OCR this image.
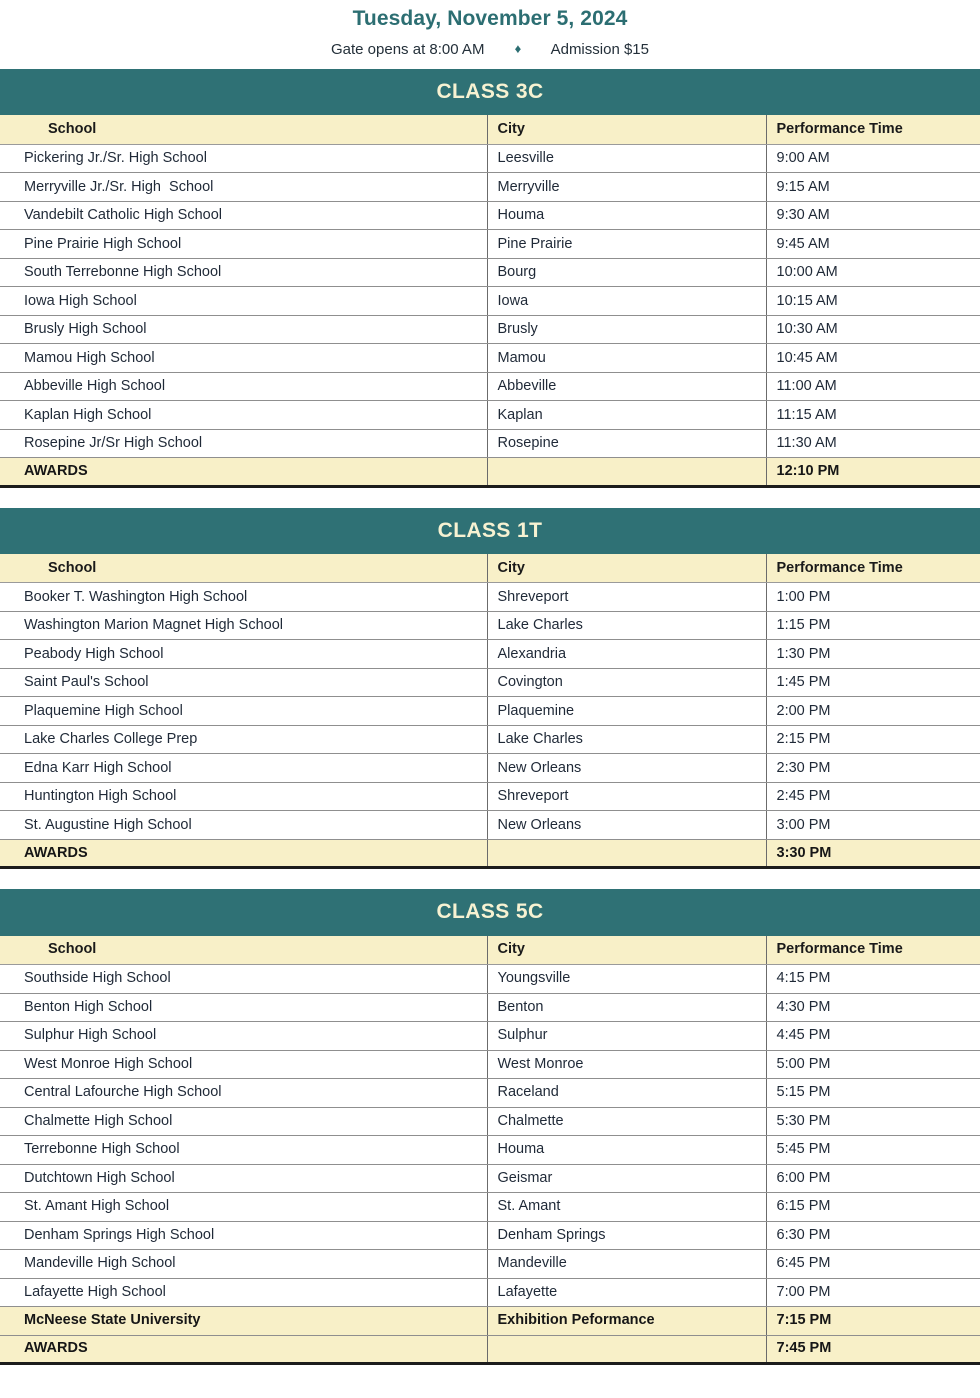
Tuesday, November 5, 2024
Gate opens at 8:00 AM ♦ Admission $15
CLASS 3C
School	City	Performance Time

Pickering Jr./Sr. High School	Leesville	9:00 AM

Merryville Jr./Sr. High  School	Merryville	9:15 AM

Vandebilt Catholic High School	Houma	9:30 AM

Pine Prairie High School	Pine Prairie	9:45 AM

South Terrebonne High School	Bourg	10:00 AM

Iowa High School	Iowa	10:15 AM

Brusly High School	Brusly	10:30 AM

Mamou High School	Mamou	10:45 AM

Abbeville High School	Abbeville	11:00 AM

Kaplan High School	Kaplan	11:15 AM

Rosepine Jr/Sr High School	Rosepine	11:30 AM

AWARDS		12:10 PM
CLASS 1T
School	City	Performance Time

Booker T. Washington High School	Shreveport	1:00 PM

Washington Marion Magnet High School	Lake Charles	1:15 PM

Peabody High School	Alexandria	1:30 PM

Saint Paul's School	Covington	1:45 PM

Plaquemine High School	Plaquemine	2:00 PM

Lake Charles College Prep	Lake Charles	2:15 PM

Edna Karr High School	New Orleans	2:30 PM

Huntington High School	Shreveport	2:45 PM

St. Augustine High School	New Orleans	3:00 PM

AWARDS		3:30 PM
CLASS 5C
School	City	Performance Time

Southside High School	Youngsville	4:15 PM

Benton High School	Benton	4:30 PM

Sulphur High School	Sulphur	4:45 PM

West Monroe High School	West Monroe	5:00 PM

Central Lafourche High School	Raceland	5:15 PM

Chalmette High School	Chalmette	5:30 PM

Terrebonne High School	Houma	5:45 PM

Dutchtown High School	Geismar	6:00 PM

St. Amant High School	St. Amant	6:15 PM

Denham Springs High School	Denham Springs	6:30 PM

Mandeville High School	Mandeville	6:45 PM

Lafayette High School	Lafayette	7:00 PM

McNeese State University	Exhibition Peformance	7:15 PM

AWARDS		7:45 PM
